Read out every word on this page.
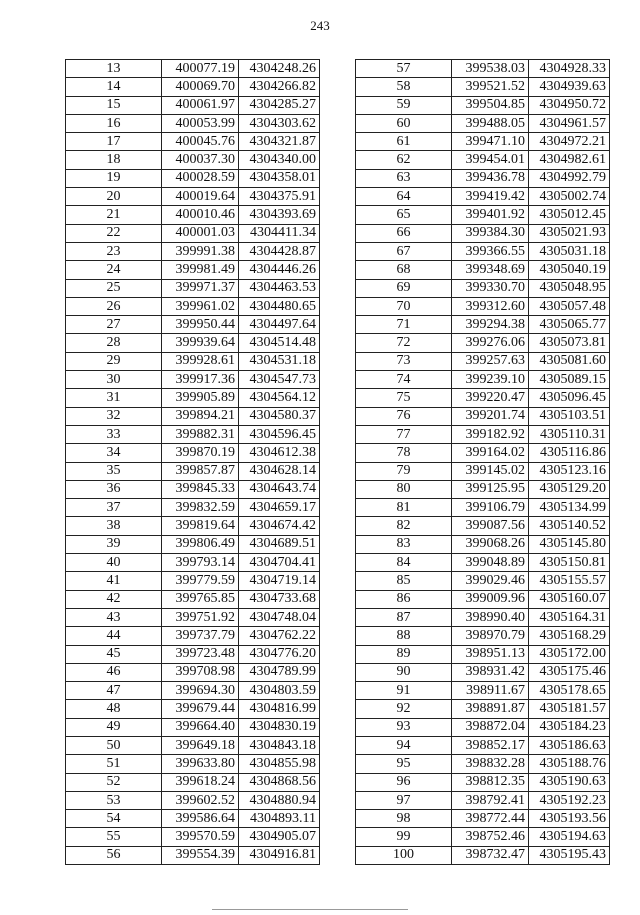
243
13	400077.19	4304248.26
14	400069.70	4304266.82
15	400061.97	4304285.27
16	400053.99	4304303.62
17	400045.76	4304321.87
18	400037.30	4304340.00
19	400028.59	4304358.01
20	400019.64	4304375.91
21	400010.46	4304393.69
22	400001.03	4304411.34
23	399991.38	4304428.87
24	399981.49	4304446.26
25	399971.37	4304463.53
26	399961.02	4304480.65
27	399950.44	4304497.64
28	399939.64	4304514.48
29	399928.61	4304531.18
30	399917.36	4304547.73
31	399905.89	4304564.12
32	399894.21	4304580.37
33	399882.31	4304596.45
34	399870.19	4304612.38
35	399857.87	4304628.14
36	399845.33	4304643.74
37	399832.59	4304659.17
38	399819.64	4304674.42
39	399806.49	4304689.51
40	399793.14	4304704.41
41	399779.59	4304719.14
42	399765.85	4304733.68
43	399751.92	4304748.04
44	399737.79	4304762.22
45	399723.48	4304776.20
46	399708.98	4304789.99
47	399694.30	4304803.59
48	399679.44	4304816.99
49	399664.40	4304830.19
50	399649.18	4304843.18
51	399633.80	4304855.98
52	399618.24	4304868.56
53	399602.52	4304880.94
54	399586.64	4304893.11
55	399570.59	4304905.07
56	399554.39	4304916.81
57	399538.03	4304928.33
58	399521.52	4304939.63
59	399504.85	4304950.72
60	399488.05	4304961.57
61	399471.10	4304972.21
62	399454.01	4304982.61
63	399436.78	4304992.79
64	399419.42	4305002.74
65	399401.92	4305012.45
66	399384.30	4305021.93
67	399366.55	4305031.18
68	399348.69	4305040.19
69	399330.70	4305048.95
70	399312.60	4305057.48
71	399294.38	4305065.77
72	399276.06	4305073.81
73	399257.63	4305081.60
74	399239.10	4305089.15
75	399220.47	4305096.45
76	399201.74	4305103.51
77	399182.92	4305110.31
78	399164.02	4305116.86
79	399145.02	4305123.16
80	399125.95	4305129.20
81	399106.79	4305134.99
82	399087.56	4305140.52
83	399068.26	4305145.80
84	399048.89	4305150.81
85	399029.46	4305155.57
86	399009.96	4305160.07
87	398990.40	4305164.31
88	398970.79	4305168.29
89	398951.13	4305172.00
90	398931.42	4305175.46
91	398911.67	4305178.65
92	398891.87	4305181.57
93	398872.04	4305184.23
94	398852.17	4305186.63
95	398832.28	4305188.76
96	398812.35	4305190.63
97	398792.41	4305192.23
98	398772.44	4305193.56
99	398752.46	4305194.63
100	398732.47	4305195.43
